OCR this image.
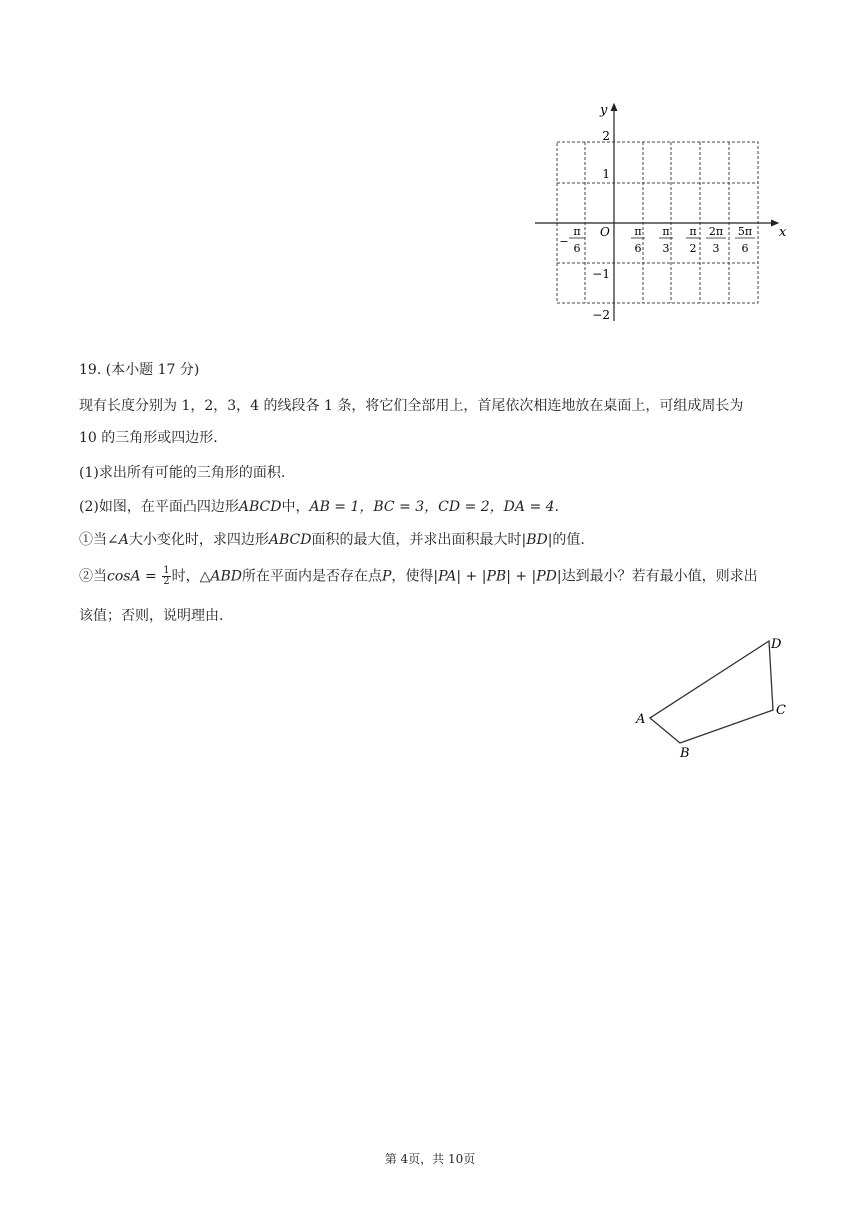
y
x
O
2
1
−1
−2
−
π
6
π
6
π
3
π
2
2π
3
5π
6
19. (本小题 17 分)
现有长度分别为 1，2，3，4 的线段各 1 条，将它们全部用上，首尾依次相连地放在桌面上，可组成周长为
10 的三角形或四边形.
(1)求出所有可能的三角形的面积.
(2)如图，在平面凸四边形ABCD中，AB = 1，BC = 3，CD = 2，DA = 4.
①当∠A大小变化时，求四边形ABCD面积的最大值，并求出面积最大时|BD|的值.
②当$\cos A = \frac{1}{2}$ 时，△ABD所在平面内是否存在点P，使得|PA| + |PB| + |PD|达到最小？若有最小值，则求出
该值；否则，说明理由.
A
B
C
D
第 4页，共 10页
